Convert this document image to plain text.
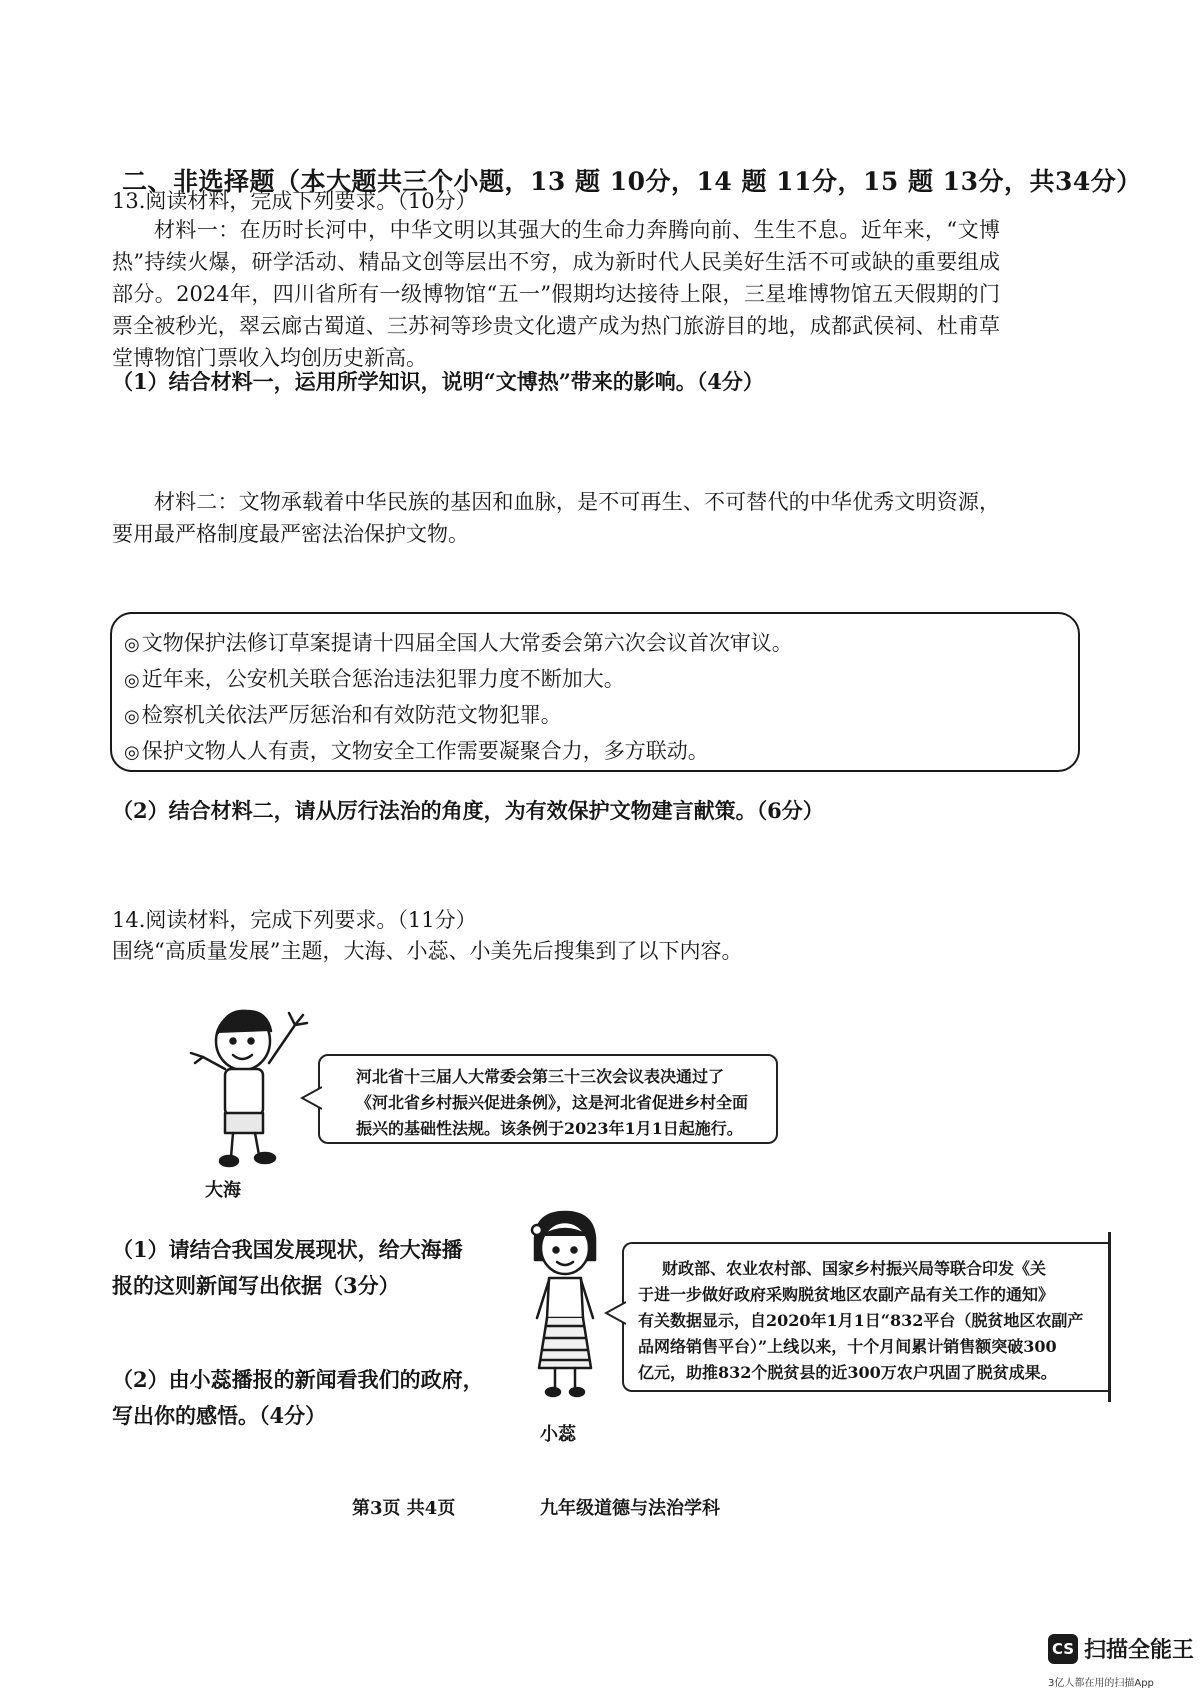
二、非选择题（本大题共三个小题，13 题 10分，14 题 11分，15 题 13分，共34分）
13.阅读材料，完成下列要求。（10分）

材料一：在历时长河中，中华文明以其强大的生命力奔腾向前、生生不息。近年来，“文博热”持续火爆，研学活动、精品文创等层出不穷，成为新时代人民美好生活不可或缺的重要组成部分。2024年，四川省所有一级博物馆“五一”假期均达接待上限，三星堆博物馆五天假期的门票全被秒光，翠云廊古蜀道、三苏祠等珍贵文化遗产成为热门旅游目的地，成都武侯祠、杜甫草堂博物馆门票收入均创历史新高。

（1）结合材料一，运用所学知识，说明“文博热”带来的影响。（4分）

材料二：文物承载着中华民族的基因和血脉，是不可再生、不可替代的中华优秀文明资源，要用最严格制度最严密法治保护文物。

◎文物保护法修订草案提请十四届全国人大常委会第六次会议首次审议。
◎近年来，公安机关联合惩治违法犯罪力度不断加大。
◎检察机关依法严厉惩治和有效防范文物犯罪。
◎保护文物人人有责，文物安全工作需要凝聚合力，多方联动。
（2）结合材料二，请从厉行法治的角度，为有效保护文物建言献策。（6分）
14.阅读材料，完成下列要求。（11分）
围绕“高质量发展”主题，大海、小蕊、小美先后搜集到了以下内容。
河北省十三届人大常委会第三十三次会议表决通过了
《河北省乡村振兴促进条例》，这是河北省促进乡村全面
振兴的基础性法规。该条例于2023年1月1日起施行。
大海
（1）请结合我国发展现状，给大海播
报的这则新闻写出依据（3分）
（2）由小蕊播报的新闻看我们的政府，
写出你的感悟。（4分）
财政部、农业农村部、国家乡村振兴局等联合印发《关
于进一步做好政府采购脱贫地区农副产品有关工作的通知》
有关数据显示，自2020年1月1日“832平台（脱贫地区农副产
品网络销售平台）”上线以来，十个月间累计销售额突破300
亿元，助推832个脱贫县的近300万农户巩固了脱贫成果。
小蕊
第3页 共4页	九年级道德与法治学科
CS 扫描全能王
3亿人都在用的扫描App
